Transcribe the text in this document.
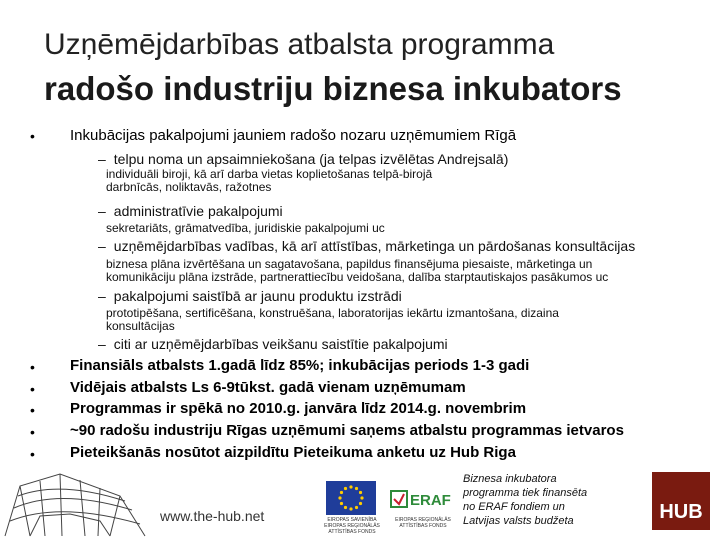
Uzņēmējdarbības atbalsta programma
radošo industriju biznesa inkubators
• Inkubācijas pakalpojumi jauniem radošo nozaru uzņēmumiem Rīgā
– telpu noma un apsaimniekošana (ja telpas izvēlētas Andrejsalā)
individuāli biroji, kā arī darba vietas koplietošanas telpā-birojā
darbnīcās, noliktavās, ražotnes
– administratīvie pakalpojumi
sekretariāts, grāmatvedība, juridiskie pakalpojumi uc
– uzņēmējdarbības vadības, kā arī attīstības, mārketinga un pārdošanas konsultācijas
biznesa plāna izvērtēšana un sagatavošana, papildus finansējuma piesaiste, mārketinga un
komunikāciju plāna izstrāde, partnerattiecību veidošana, dalība starptautiskajos pasākumos uc
– pakalpojumi saistībā ar jaunu produktu izstrādi
prototipēšana, sertificēšana, konstruēšana, laboratorijas iekārtu izmantošana, dizaina
konsultācijas
– citi ar uzņēmējdarbības veikšanu saistītie pakalpojumi
• Finansiāls atbalsts 1.gadā līdz 85%; inkubācijas periods 1-3 gadi
• Vidējais atbalsts Ls 6-9tūkst. gadā vienam uzņēmumam
• Programmas ir spēkā no 2010.g. janvāra līdz 2014.g. novembrim
• ~90 radošu industriju Rīgas uzņēmumi saņems atbalstu programmas ietvaros
• Pieteikšanās nosūtot aizpildītu Pieteikuma anketu uz Hub Riga
www.the-hub.net	EIROPAS SAVIENĪBA EIROPAS REĢIONĀLĀS ATTĪSTĪBAS FONDS
ERAF
EIROPAS REĢIONĀLĀS ATTĪSTĪBAS FONDS
Biznesa inkubatora
programma tiek finansēta
no ERAF fondiem un
Latvijas valsts budžeta	HUB
